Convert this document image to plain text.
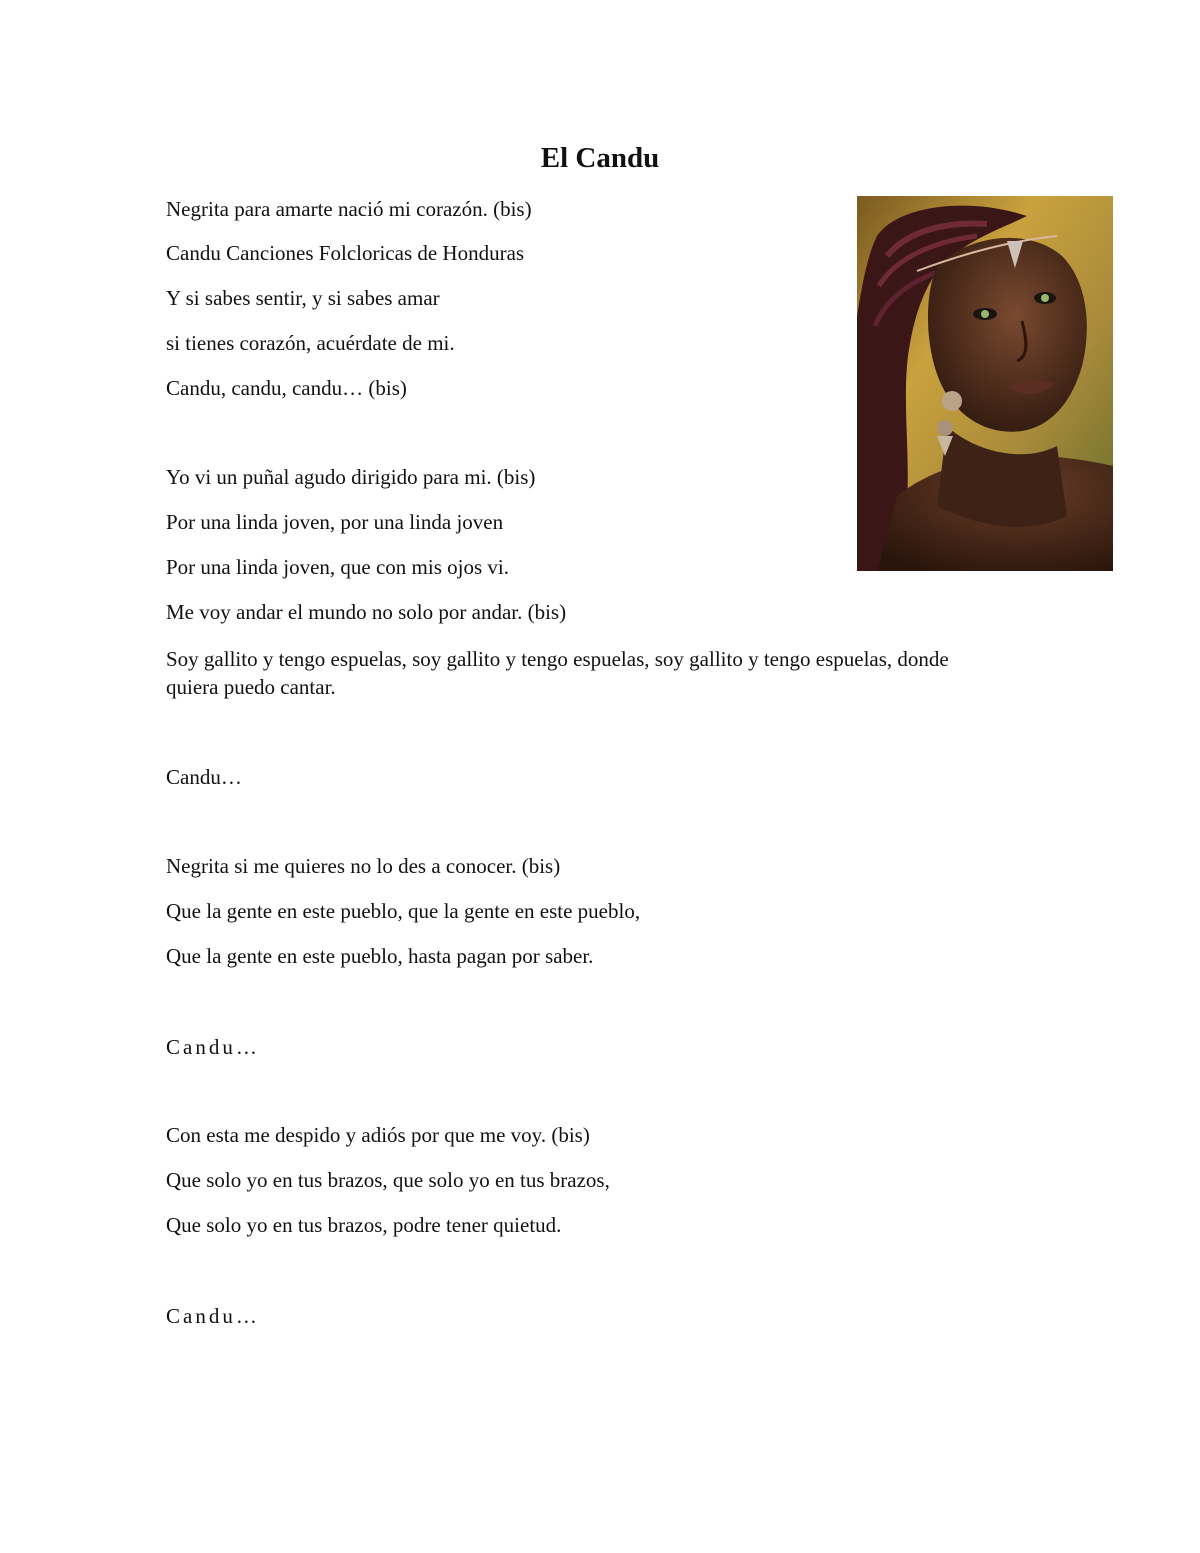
El Candu
Negrita para amarte nació mi corazón. (bis)
Candu Canciones Folcloricas de Honduras
Y si sabes sentir, y si sabes amar
si tienes corazón, acuérdate de mi.
Candu, candu, candu… (bis)
Yo vi un puñal agudo dirigido para mi. (bis)
Por una linda joven, por una linda joven
Por una linda joven, que con mis ojos vi.
Me voy andar el mundo no solo por andar. (bis)
Soy gallito y tengo espuelas, soy gallito y tengo espuelas, soy gallito y tengo espuelas, donde quiera puedo cantar.
Candu…
Negrita si me quieres no lo des a conocer. (bis)
Que la gente en este pueblo, que la gente en este pueblo,
Que la gente en este pueblo, hasta pagan por saber.
Candu…
Con esta me despido y adiós por que me voy. (bis)
Que solo yo en tus brazos, que solo yo en tus brazos,
Que solo yo en tus brazos, podre tener quietud.
Candu…
